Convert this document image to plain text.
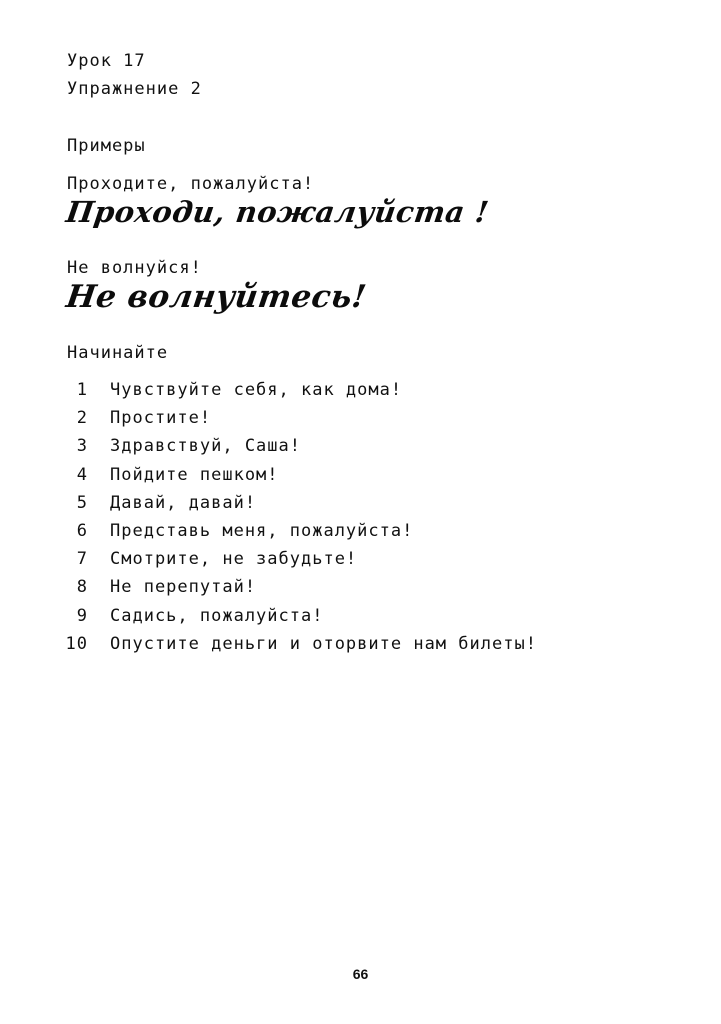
Урок 17
Упражнение 2
Примеры
Проходите, пожалуйста!
Проходи, пожалуйста !
Не волнуйся!
Не волнуйтесь!
Начинайте
1 Чувствуйте себя, как дома!
2 Простите!
3 Здравствуй, Саша!
4 Пойдите пешком!
5 Давай, давай!
6 Представь меня, пожалуйста!
7 Смотрите, не забудьте!
8 Не перепутай!
9 Садись, пожалуйста!
10 Опустите деньги и оторвите нам билеты!
66
